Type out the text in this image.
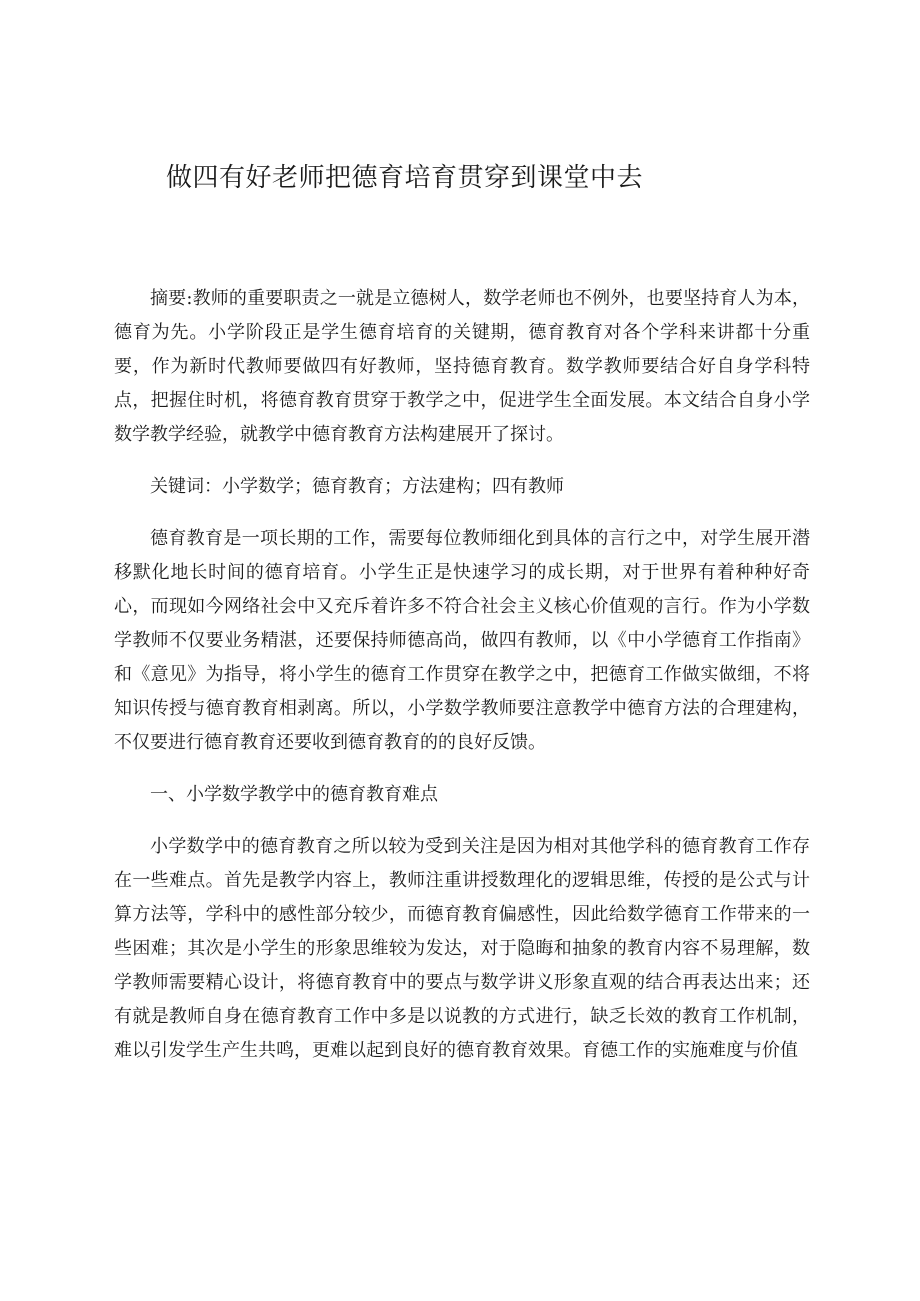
做四有好老师把德育培育贯穿到课堂中去

摘要:教师的重要职责之一就是立德树人，数学老师也不例外，也要坚持育人为本，德育为先。小学阶段正是学生德育培育的关键期，德育教育对各个学科来讲都十分重要，作为新时代教师要做四有好教师，坚持德育教育。数学教师要结合好自身学科特点，把握住时机，将德育教育贯穿于教学之中，促进学生全面发展。本文结合自身小学数学教学经验，就教学中德育教育方法构建展开了探讨。

关键词：小学数学 ； 德育教育 ； 方法建构 ； 四有教师

德育教育是一项长期的工作，需要每位教师细化到具体的言行之中，对学生展开潜移默化地长时间的德育培育。小学生正是快速学习的成长期，对于世界有着种种好奇心，而现如今网络社会中又充斥着许多不符合社会主义核心价值观的言行。作为小学数学教师不仅要业务精湛，还要保持师德高尚，做四有教师，以《中小学德育工作指南》和《意见》为指导，将小学生的德育工作贯穿在教学之中，把德育工作做实做细，不将知识传授与德育教育相剥离。所以，小学数学教师要注意教学中德育方法的合理建构，不仅要进行德育教育还要收到德育教育的的良好反馈。

一、小学数学教学中的德育教育难点

小学数学中的德育教育之所以较为受到关注是因为相对其他学科的德育教育工作存在一些难点。首先是教学内容上，教师注重讲授数理化的逻辑思维，传授的是公式与计算方法等，学科中的感性部分较少，而德育教育偏感性，因此给数学德育工作带来的一些困难；其次是小学生的形象思维较为发达，对于隐晦和抽象的教育内容不易理解，数学教师需要精心设计，将德育教育中的要点与数学讲义形象直观的结合再表达出来；还有就是教师自身在德育教育工作中多是以说教的方式进行，缺乏长效的教育工作机制，难以引发学生产生共鸣，更难以起到良好的德育教育效果。育德工作的实施难度与价值
